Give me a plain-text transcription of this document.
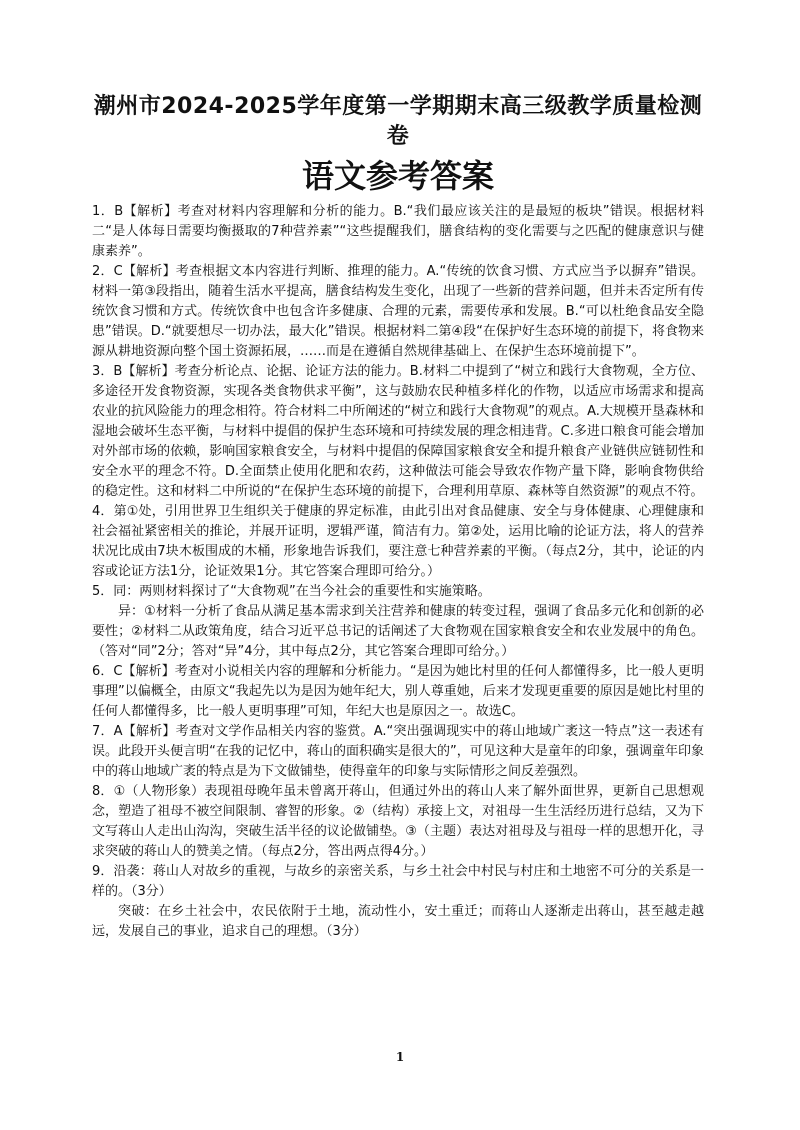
潮州市2024-2025学年度第一学期期末高三级教学质量检测卷
语文参考答案

1．B【解析】考查对材料内容理解和分析的能力。B.“我们最应该关注的是最短的板块”错误。根据材料二“是人体每日需要均衡摄取的7种营养素”“这些提醒我们，膳食结构的变化需要与之匹配的健康意识与健康素养”。

2．C【解析】考查根据文本内容进行判断、推理的能力。A.“传统的饮食习惯、方式应当予以摒弃”错误。材料一第③段指出，随着生活水平提高，膳食结构发生变化，出现了一些新的营养问题，但并未否定所有传统饮食习惯和方式。传统饮食中也包含许多健康、合理的元素，需要传承和发展。B.“可以杜绝食品安全隐患”错误。D.“就要想尽一切办法，最大化”错误。根据材料二第④段“在保护好生态环境的前提下，将食物来源从耕地资源向整个国土资源拓展，……而是在遵循自然规律基础上、在保护生态环境前提下”。

3．B【解析】考查分析论点、论据、论证方法的能力。B.材料二中提到了“树立和践行大食物观，全方位、多途径开发食物资源，实现各类食物供求平衡”，这与鼓励农民种植多样化的作物，以适应市场需求和提高农业的抗风险能力的理念相符。符合材料二中所阐述的“树立和践行大食物观”的观点。A.大规模开垦森林和湿地会破坏生态平衡，与材料中提倡的保护生态环境和可持续发展的理念相违背。C.多进口粮食可能会增加对外部市场的依赖，影响国家粮食安全，与材料中提倡的保障国家粮食安全和提升粮食产业链供应链韧性和安全水平的理念不符。D.全面禁止使用化肥和农药，这种做法可能会导致农作物产量下降，影响食物供给的稳定性。这和材料二中所说的“在保护生态环境的前提下，合理利用草原、森林等自然资源”的观点不符。

4．第①处，引用世界卫生组织关于健康的界定标准，由此引出对食品健康、安全与身体健康、心理健康和社会福祉紧密相关的推论，并展开证明，逻辑严谨，简洁有力。第②处，运用比喻的论证方法，将人的营养状况比成由7块木板围成的木桶，形象地告诉我们，要注意七种营养素的平衡。（每点2分，其中，论证的内容或论证方法1分，论证效果1分。其它答案合理即可给分。）

5．同：两则材料探讨了“大食物观”在当今社会的重要性和实施策略。

异：①材料一分析了食品从满足基本需求到关注营养和健康的转变过程，强调了食品多元化和创新的必要性；②材料二从政策角度，结合习近平总书记的话阐述了大食物观在国家粮食安全和农业发展中的角色。（答对“同”2分；答对“异”4分，其中每点2分，其它答案合理即可给分。）

6．C【解析】考查对小说相关内容的理解和分析能力。“是因为她比村里的任何人都懂得多，比一般人更明事理”以偏概全，由原文“我起先以为是因为她年纪大，别人尊重她，后来才发现更重要的原因是她比村里的任何人都懂得多，比一般人更明事理”可知，年纪大也是原因之一。故选C。

7．A【解析】考查对文学作品相关内容的鉴赏。A.“突出强调现实中的蒋山地域广袤这一特点”这一表述有误。此段开头便言明“在我的记忆中，蒋山的面积确实是很大的”，可见这种大是童年的印象，强调童年印象中的蒋山地域广袤的特点是为下文做铺垫，使得童年的印象与实际情形之间反差强烈。

8．①（人物形象）表现祖母晚年虽未曾离开蒋山，但通过外出的蒋山人来了解外面世界，更新自己思想观念，塑造了祖母不被空间限制、睿智的形象。②（结构）承接上文，对祖母一生生活经历进行总结，又为下文写蒋山人走出山沟沟，突破生活半径的议论做铺垫。③（主题）表达对祖母及与祖母一样的思想开化，寻求突破的蒋山人的赞美之情。（每点2分，答出两点得4分。）

9．沿袭：蒋山人对故乡的重视，与故乡的亲密关系，与乡土社会中村民与村庄和土地密不可分的关系是一样的。（3分）

突破：在乡土社会中，农民依附于土地，流动性小，安土重迁；而蒋山人逐渐走出蒋山，甚至越走越远，发展自己的事业，追求自己的理想。（3分）

1
